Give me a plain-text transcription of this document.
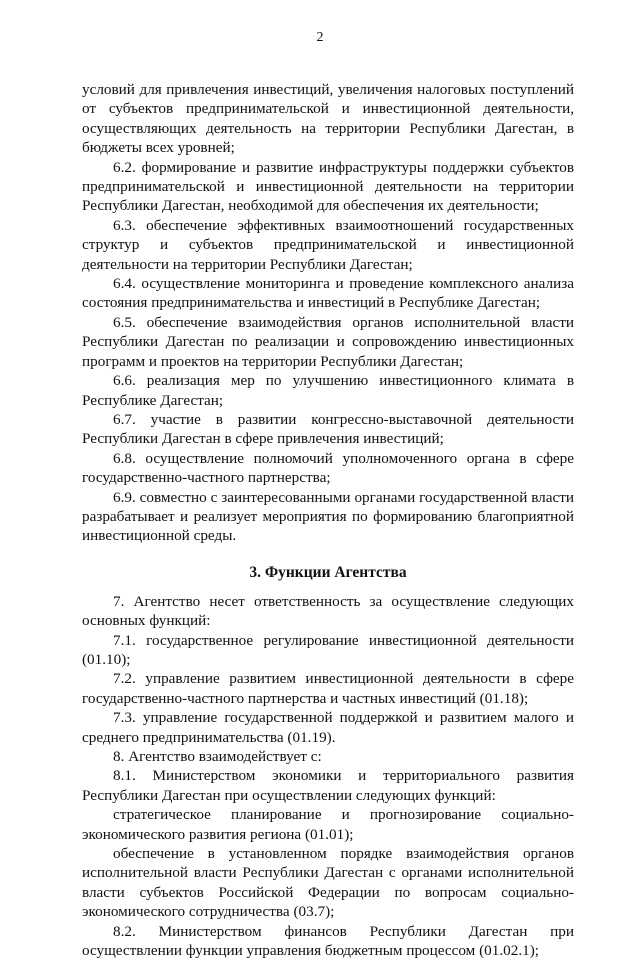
2

условий для привлечения инвестиций, увеличения налоговых поступлений от субъектов предпринимательской и инвестиционной деятельности, осуществляющих деятельность на территории Республики Дагестан, в бюджеты всех уровней;

6.2. формирование и развитие инфраструктуры поддержки субъектов предпринимательской и инвестиционной деятельности на территории Республики Дагестан, необходимой для обеспечения их деятельности;

6.3. обеспечение эффективных взаимоотношений государственных структур и субъектов предпринимательской и инвестиционной деятельности на территории Республики Дагестан;

6.4. осуществление мониторинга и проведение комплексного анализа состояния предпринимательства и инвестиций в Республике Дагестан;

6.5. обеспечение взаимодействия органов исполнительной власти Республики Дагестан по реализации и сопровождению инвестиционных программ и проектов на территории Республики Дагестан;

6.6. реализация мер по улучшению инвестиционного климата в Республике Дагестан;

6.7. участие в развитии конгрессно-выставочной деятельности Республики Дагестан в сфере привлечения инвестиций;

6.8. осуществление полномочий уполномоченного органа в сфере государственно-частного партнерства;

6.9. совместно с заинтересованными органами государственной власти разрабатывает и реализует мероприятия по формированию благоприятной инвестиционной среды.

3. Функции Агентства

7. Агентство несет ответственность за осуществление следующих основных функций:

7.1. государственное регулирование инвестиционной деятельности (01.10);

7.2. управление развитием инвестиционной деятельности в сфере государственно-частного партнерства и частных инвестиций (01.18);

7.3. управление государственной поддержкой и развитием малого и среднего предпринимательства (01.19).

8. Агентство взаимодействует с:

8.1. Министерством экономики и территориального развития Республики Дагестан при осуществлении следующих функций:

стратегическое планирование и прогнозирование социально-экономического развития региона (01.01);

обеспечение в установленном порядке взаимодействия органов исполнительной власти Республики Дагестан с органами исполнительной власти субъектов Российской Федерации по вопросам социально-экономического сотрудничества (03.7);

8.2. Министерством финансов Республики Дагестан при осуществлении функции управления бюджетным процессом (01.02.1);
